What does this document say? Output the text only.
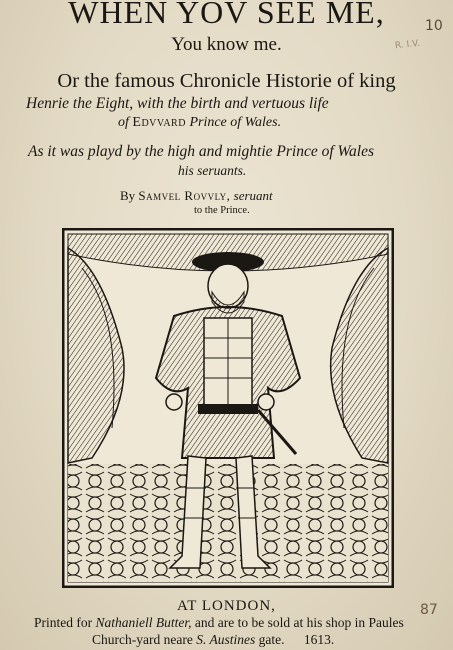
WHEN YOV SEE ME,
You know me.
Or the famous Chronicle Historie of king
Henrie the Eight, with the birth and vertuous life
of Edvvard Prince of Wales.
As it was playd by the high and mightie Prince of Wales
his seruants.
By Samvel Rovvly, seruant
to the Prince.
10
R. I.V.
87
AT LONDON,
Printed for Nathaniell Butter, and are to be sold at his shop in Paules
Church-yard neare S. Austines gate. 1613.
